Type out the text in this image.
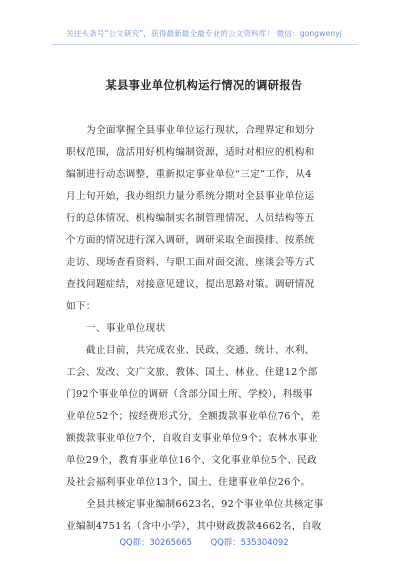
关注头条号“公文研究”，获得最新最全最专业的公文资料库！ 微信：gongwenyj
某县事业单位机构运行情况的调研报告
为全面掌握全县事业单位运行现状，合理界定和划分
职权范围，盘活用好机构编制资源，适时对相应的机构和
编制进行动态调整，重新拟定事业单位“三定”工作，从4
月上旬开始，我办组织力量分系统分期对全县事业单位运
行的总体情况、机构编制实名制管理情况、人员结构等五
个方面的情况进行深入调研，调研采取全面摸排、按系统
走访、现场查看资料、与职工面对面交流、座谈会等方式
查找问题症结，对接意见建议，提出思路对策。调研情况
如下：
一、事业单位现状
截止目前，共完成农业、民政、交通、统计、水利、
工会、发改、文广文旅、教体、国土、林业、住建12个部
门92个事业单位的调研（含部分国土所、学校），科级事
业单位52个；按经费形式分，全额拨款事业单位76个，差
额拨款事业单位7个，自收自支事业单位9个；农林水事业
单位29个，教育事业单位16个、文化事业单位5个、民政
及社会福利事业单位13个，国土、住建事业单位26个。
全县共核定事业编制6623名，92个事业单位共核定事
业编制4751名（含中小学），其中财政拨款4662名，自收
QQ群：30265665 QQ群：535304092
